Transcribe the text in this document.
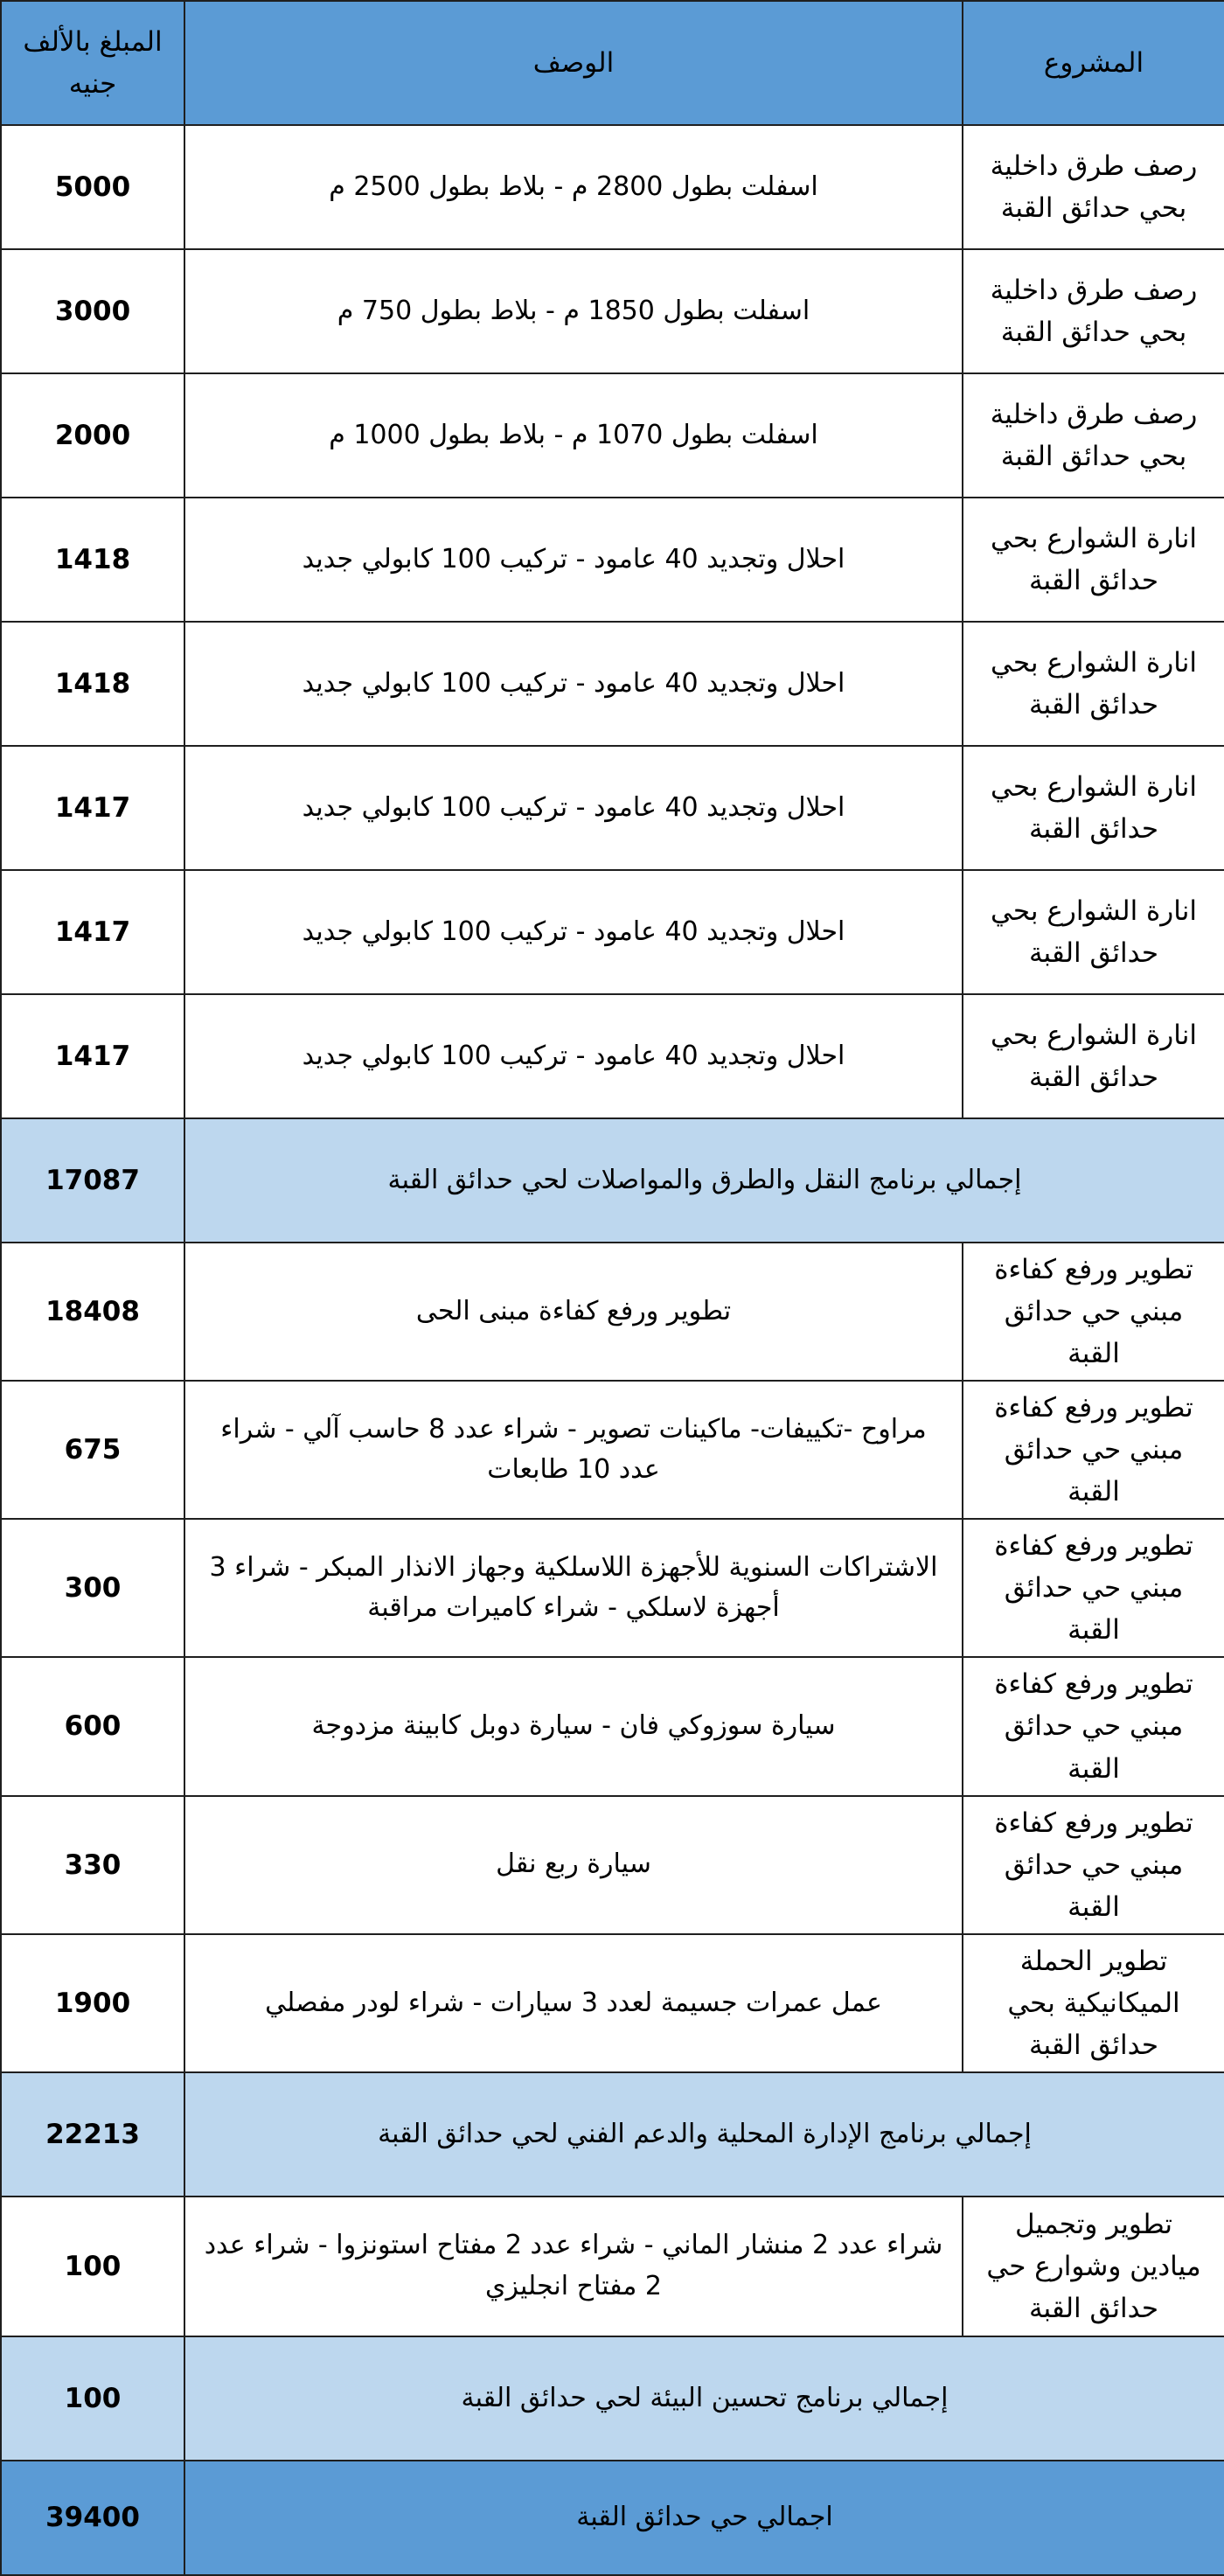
المشروع	الوصف	المبلغ بالألف جنيه
رصف طرق داخلية بحي حدائق القبة	اسفلت بطول 2800 م - بلاط بطول 2500 م	5000
رصف طرق داخلية بحي حدائق القبة	اسفلت بطول 1850 م - بلاط بطول 750 م	3000
رصف طرق داخلية بحي حدائق القبة	اسفلت بطول 1070 م - بلاط بطول 1000 م	2000
انارة الشوارع بحي حدائق القبة	احلال وتجديد 40 عامود - تركيب 100 كابولي جديد	1418
انارة الشوارع بحي حدائق القبة	احلال وتجديد 40 عامود - تركيب 100 كابولي جديد	1418
انارة الشوارع بحي حدائق القبة	احلال وتجديد 40 عامود - تركيب 100 كابولي جديد	1417
انارة الشوارع بحي حدائق القبة	احلال وتجديد 40 عامود - تركيب 100 كابولي جديد	1417
انارة الشوارع بحي حدائق القبة	احلال وتجديد 40 عامود - تركيب 100 كابولي جديد	1417
إجمالي برنامج النقل والطرق والمواصلات لحي حدائق القبة		17087
تطوير ورفع كفاءة مبني حي حدائق القبة	تطوير ورفع كفاءة مبنى الحى	18408
تطوير ورفع كفاءة مبني حي حدائق القبة	مراوح -تكييفات- ماكينات تصوير - شراء عدد 8 حاسب آلي - شراء عدد 10 طابعات	675
تطوير ورفع كفاءة مبني حي حدائق القبة	الاشتراكات السنوية للأجهزة اللاسلكية وجهاز الانذار المبكر - شراء 3 أجهزة لاسلكي - شراء كاميرات مراقبة	300
تطوير ورفع كفاءة مبني حي حدائق القبة	سيارة سوزوكي فان - سيارة دوبل كابينة مزدوجة	600
تطوير ورفع كفاءة مبني حي حدائق القبة	سيارة ربع نقل	330
تطوير الحملة الميكانيكية بحي حدائق القبة	عمل عمرات جسيمة لعدد 3 سيارات - شراء لودر مفصلي	1900
إجمالي برنامج الإدارة المحلية والدعم الفني لحي حدائق القبة		22213
تطوير وتجميل ميادين وشوارع حي حدائق القبة	شراء عدد 2 منشار الماني - شراء عدد 2 مفتاح استونزوا - شراء عدد 2 مفتاح انجليزي	100
إجمالي برنامج تحسين البيئة لحي حدائق القبة		100
اجمالي حي حدائق القبة		39400
